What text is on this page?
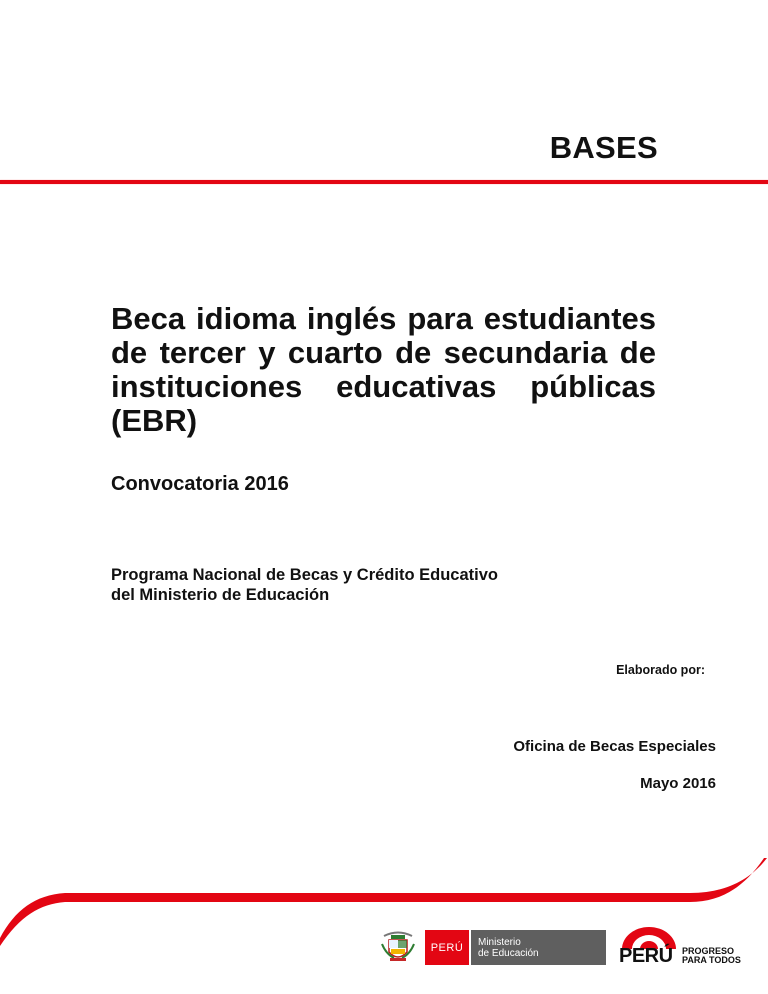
BASES
Beca idioma inglés para estudiantes de tercer y cuarto de secundaria de instituciones educativas públicas (EBR)
Convocatoria 2016
Programa Nacional de Becas y Crédito Educativo
del Ministerio de Educación
Elaborado por:
Oficina de Becas Especiales
Mayo 2016
PERÚ Ministerio
de Educación	PERÚ PROGRESO
PARA TODOS
